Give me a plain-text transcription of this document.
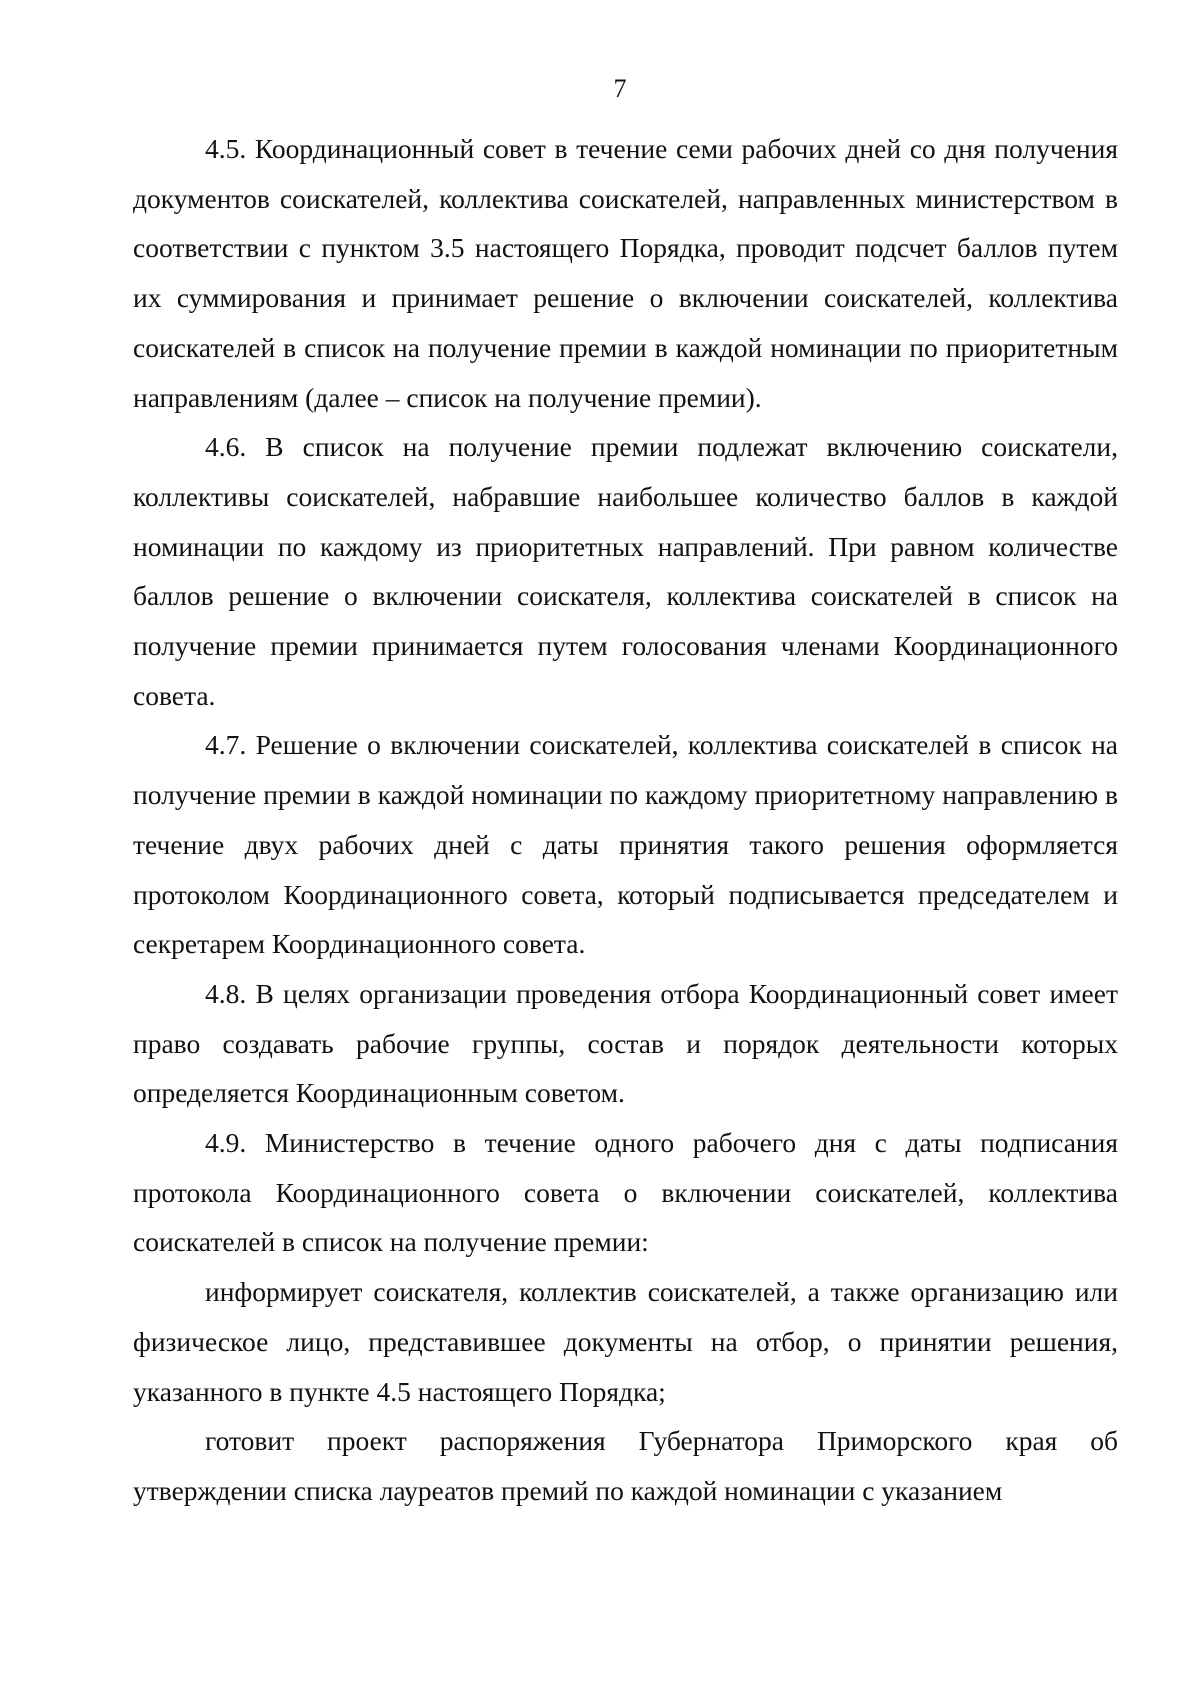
7

4.5. Координационный совет в течение семи рабочих дней со дня получения документов соискателей, коллектива соискателей, направленных министерством в соответствии с пунктом 3.5 настоящего Порядка, проводит подсчет баллов путем их суммирования и принимает решение о включении соискателей, коллектива соискателей в список на получение премии в каждой номинации по приоритетным направлениям (далее – список на получение премии).

4.6. В список на получение премии подлежат включению соискатели, коллективы соискателей, набравшие наибольшее количество баллов в каждой номинации по каждому из приоритетных направлений. При равном количестве баллов решение о включении соискателя, коллектива соискателей в список на получение премии принимается путем голосования членами Координационного совета.

4.7. Решение о включении соискателей, коллектива соискателей в список на получение премии в каждой номинации по каждому приоритетному направлению в течение двух рабочих дней с даты принятия такого решения оформляется протоколом Координационного совета, который подписывается председателем и секретарем Координационного совета.

4.8. В целях организации проведения отбора Координационный совет имеет право создавать рабочие группы, состав и порядок деятельности которых определяется Координационным советом.

4.9. Министерство в течение одного рабочего дня с даты подписания протокола Координационного совета о включении соискателей, коллектива соискателей в список на получение премии:

информирует соискателя, коллектив соискателей, а также организацию или физическое лицо, представившее документы на отбор, о принятии решения, указанного в пункте 4.5 настоящего Порядка;

готовит проект распоряжения Губернатора Приморского края об утверждении списка лауреатов премий по каждой номинации с указанием
